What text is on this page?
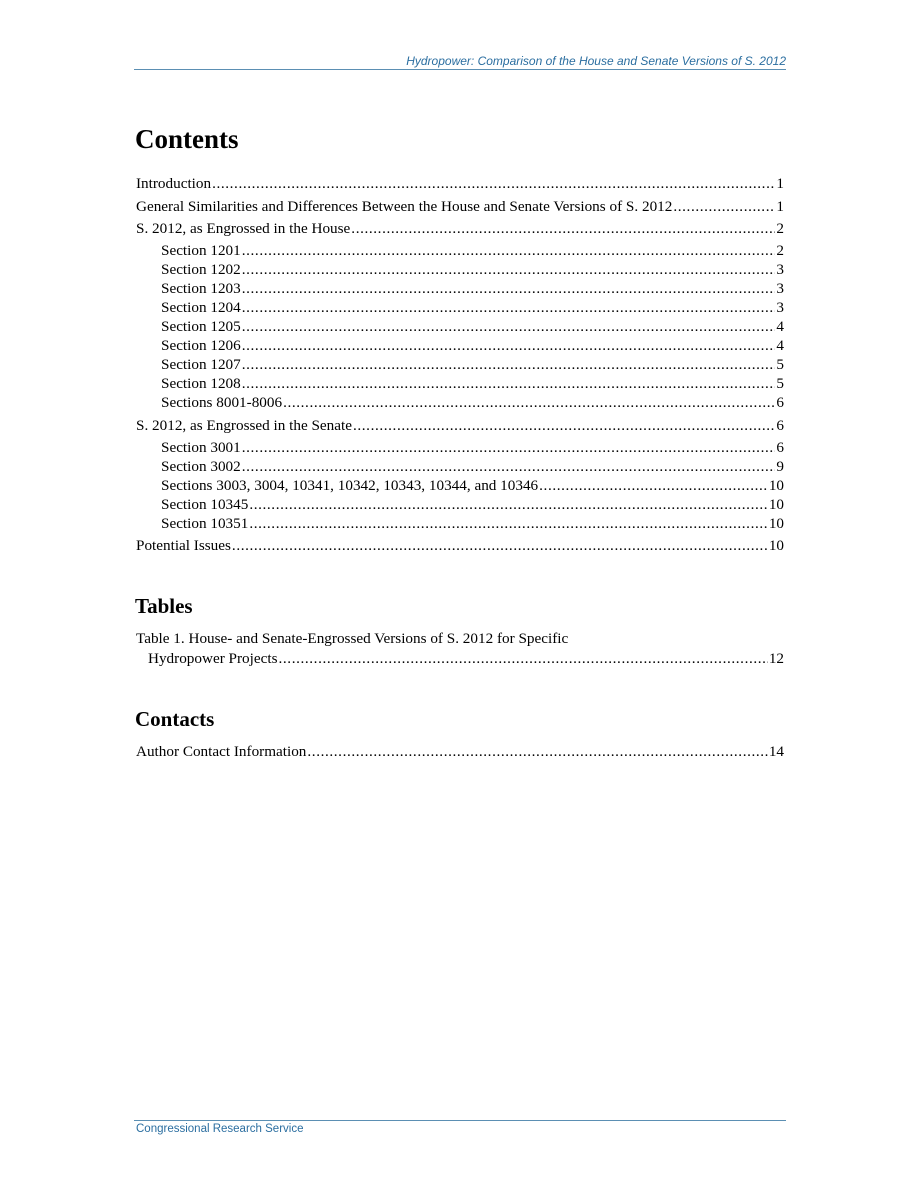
Hydropower: Comparison of the House and Senate Versions of S. 2012
Contents
Introduction .....	1
General Similarities and Differences Between the House and Senate Versions of S. 2012 .....	1
S. 2012, as Engrossed in the House .....	2
Section 1201 .....	2
Section 1202 .....	3
Section 1203 .....	3
Section 1204 .....	3
Section 1205 .....	4
Section 1206 .....	4
Section 1207 .....	5
Section 1208 .....	5
Sections 8001-8006 .....	6
S. 2012, as Engrossed in the Senate .....	6
Section 3001 .....	6
Section 3002 .....	9
Sections 3003, 3004, 10341, 10342, 10343, 10344, and 10346 .....	10
Section 10345 .....	10
Section 10351 .....	10
Potential Issues .....	10
Tables
Table 1. House- and Senate-Engrossed Versions of S. 2012 for Specific
Hydropower Projects .....	12
Contacts
Author Contact Information .....	14
Congressional Research Service
